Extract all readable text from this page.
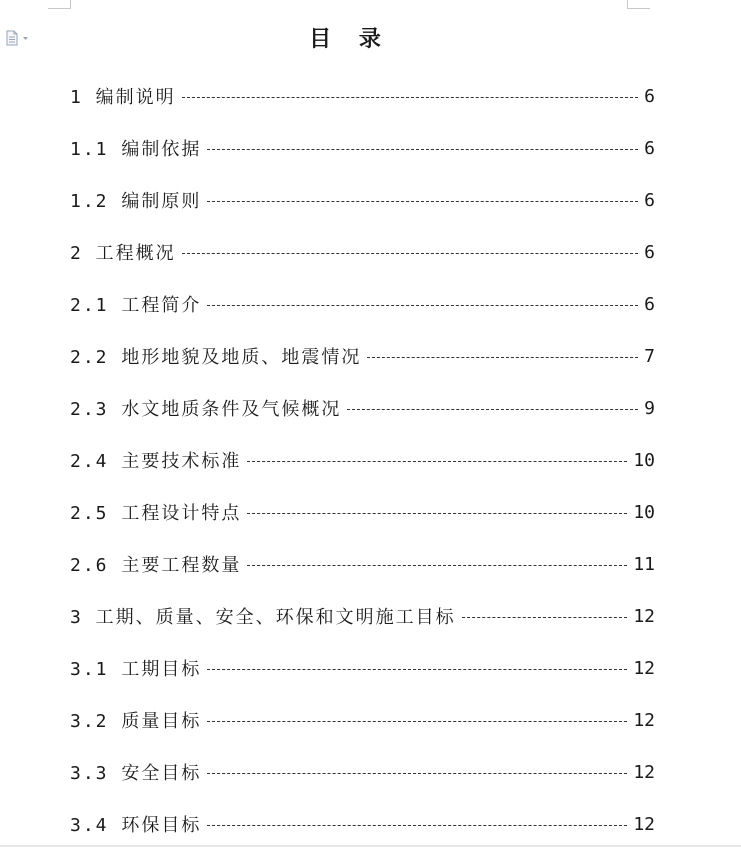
目 录
1 编制说明	6
1.1 编制依据	6
1.2 编制原则	6
2 工程概况	6
2.1 工程简介	6
2.2 地形地貌及地质、地震情况	7
2.3 水文地质条件及气候概况	9
2.4 主要技术标准	10
2.5 工程设计特点	10
2.6 主要工程数量	11
3 工期、质量、安全、环保和文明施工目标	12
3.1 工期目标	12
3.2 质量目标	12
3.3 安全目标	12
3.4 环保目标	12
